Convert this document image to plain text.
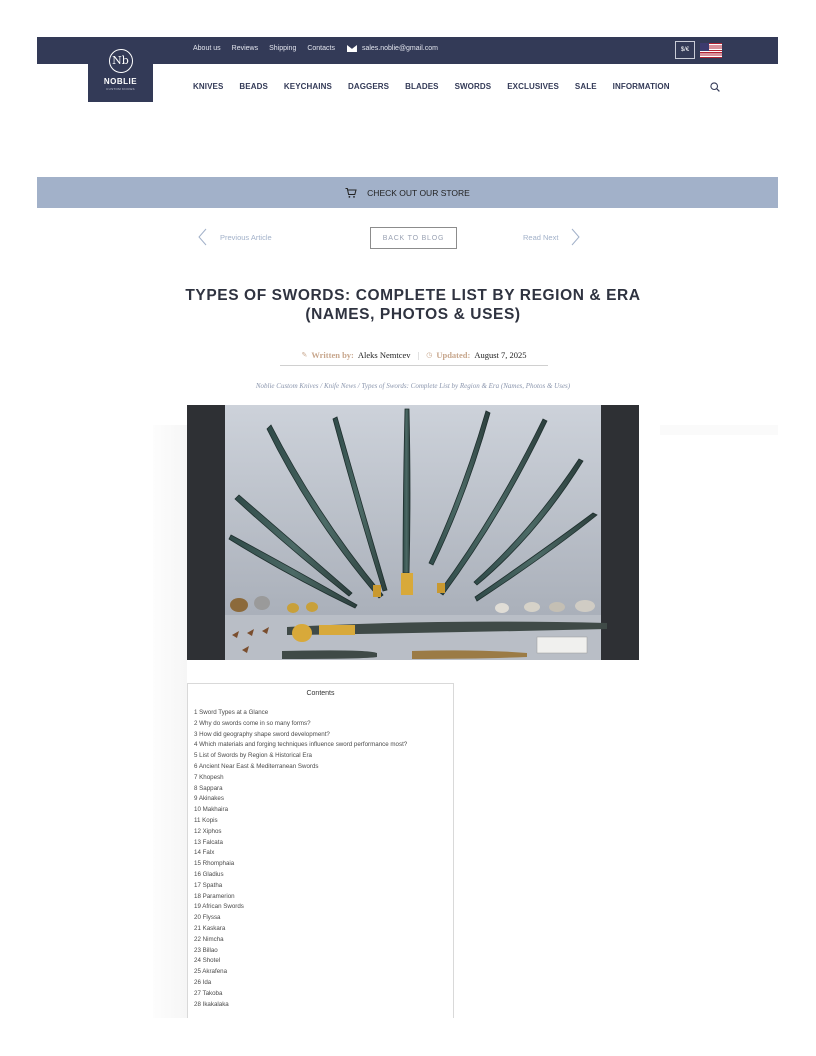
Nb
NOBLIE
CUSTOM KNIVES
About us Reviews Shipping Contacts	sales.noblie@gmail.com	$/€
KNIVES BEADS KEYCHAINS DAGGERS BLADES SWORDS EXCLUSIVES SALE INFORMATION
CHECK OUT OUR STORE
Previous Article	BACK TO BLOG	Read Next
TYPES OF SWORDS: COMPLETE LIST BY REGION & ERA (NAMES, PHOTOS & USES)
✎ Written by: Aleks Nemtcev | ◷ Updated: August 7, 2025
Noblie Custom Knives / Knife News / Types of Swords: Complete List by Region & Era (Names, Photos & Uses)
Contents
1 Sword Types at a Glance
2 Why do swords come in so many forms?
3 How did geography shape sword development?
4 Which materials and forging techniques influence sword performance most?
5 List of Swords by Region & Historical Era
6 Ancient Near East & Mediterranean Swords
7 Khopesh
8 Sappara
9 Akinakes
10 Makhaira
11 Kopis
12 Xiphos
13 Falcata
14 Falx
15 Rhomphaia
16 Gladius
17 Spatha
18 Paramerion
19 African Swords
20 Flyssa
21 Kaskara
22 Nimcha
23 Billao
24 Shotel
25 Akrafena
26 Ida
27 Takoba
28 Ikakalaka
